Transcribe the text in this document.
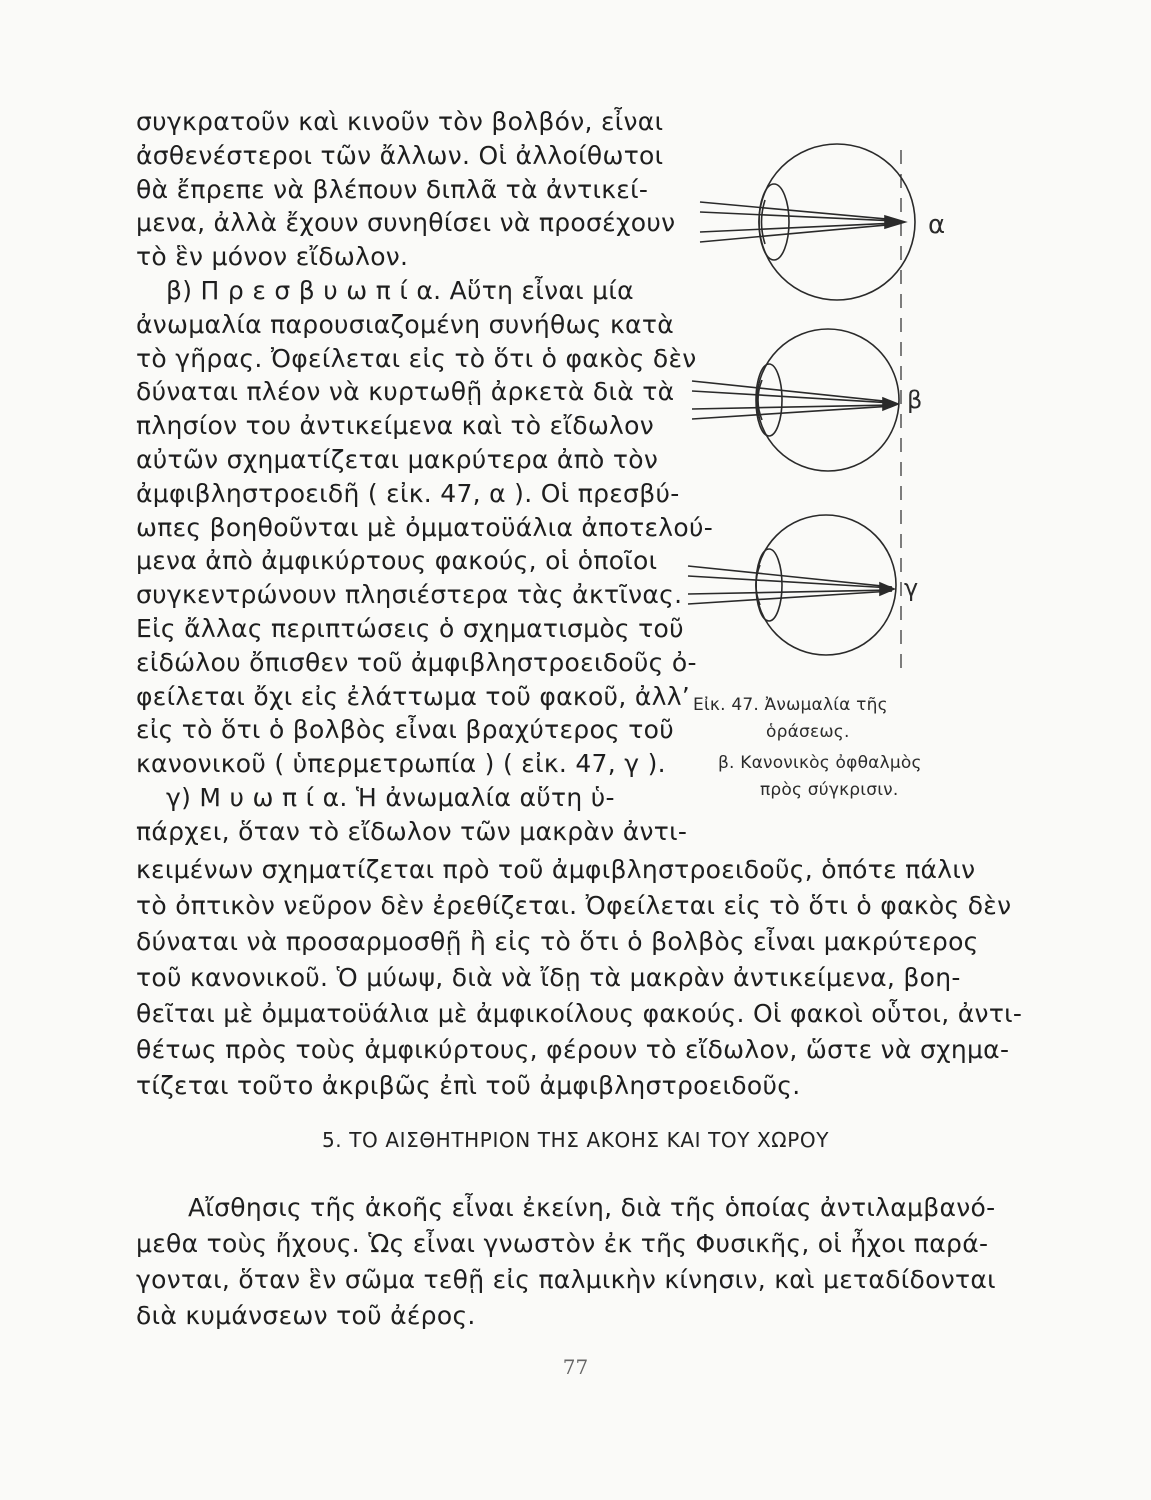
συγκρατοῦν καὶ κινοῦν τὸν βολβόν, εἶναι
ἀσθενέστεροι τῶν ἄλλων. Οἱ ἀλλοίθωτοι
θὰ ἔπρεπε νὰ βλέπουν διπλᾶ τὰ ἀντικεί-
μενα, ἀλλὰ ἔχουν συνηθίσει νὰ προσέχουν
τὸ ἓν μόνον εἴδωλον.
β) Π ρ ε σ β υ ω π ί α. Αὕτη εἶναι μία
ἀνωμαλία παρουσιαζομένη συνήθως κατὰ
τὸ γῆρας. Ὀφείλεται εἰς τὸ ὅτι ὁ φακὸς δὲν
δύναται πλέον νὰ κυρτωθῇ ἀρκετὰ διὰ τὰ
πλησίον του ἀντικείμενα καὶ τὸ εἴδωλον
αὐτῶν σχηματίζεται μακρύτερα ἀπὸ τὸν
ἀμφιβληστροειδῆ ( εἰκ. 47, α ). Οἱ πρεσβύ-
ωπες βοηθοῦνται μὲ ὀμματοϋάλια ἀποτελού-
μενα ἀπὸ ἀμφικύρτους φακούς, οἱ ὁποῖοι
συγκεντρώνουν πλησιέστερα τὰς ἀκτῖνας.
Εἰς ἄλλας περιπτώσεις ὁ σχηματισμὸς τοῦ
εἰδώλου ὄπισθεν τοῦ ἀμφιβληστροειδοῦς ὀ-
φείλεται ὄχι εἰς ἐλάττωμα τοῦ φακοῦ, ἀλλ’
εἰς τὸ ὅτι ὁ βολβὸς εἶναι βραχύτερος τοῦ
κανονικοῦ ( ὑπερμετρωπία ) ( εἰκ. 47, γ ).
γ) Μ υ ω π ί α. Ἡ ἀνωμαλία αὕτη ὑ-
πάρχει, ὅταν τὸ εἴδωλον τῶν μακρὰν ἀντι-
κειμένων σχηματίζεται πρὸ τοῦ ἀμφιβληστροειδοῦς, ὁπότε πάλιν
τὸ ὀπτικὸν νεῦρον δὲν ἐρεθίζεται. Ὀφείλεται εἰς τὸ ὅτι ὁ φακὸς δὲν
δύναται νὰ προσαρμοσθῇ ἢ εἰς τὸ ὅτι ὁ βολβὸς εἶναι μακρύτερος
τοῦ κανονικοῦ. Ὁ μύωψ, διὰ νὰ ἴδῃ τὰ μακρὰν ἀντικείμενα, βοη-
θεῖται μὲ ὀμματοϋάλια μὲ ἀμφικοίλους φακούς. Οἱ φακοὶ οὗτοι, ἀντι-
θέτως πρὸς τοὺς ἀμφικύρτους, φέρουν τὸ εἴδωλον, ὥστε νὰ σχημα-
α
β
γ
Εἰκ. 47. Ἀνωμαλία τῆς
ὁράσεως.
β. Κανονικὸς ὀφθαλμὸς
πρὸς σύγκρισιν.
5. ΤΟ ΑΙΣΘΗΤΗΡΙΟΝ ΤΗΣ ΑΚΟΗΣ ΚΑΙ ΤΟΥ ΧΩΡΟΥ
Αἴσθησις τῆς ἀκοῆς εἶναι ἐκείνη, διὰ τῆς ὁποίας ἀντιλαμβανό-
μεθα τοὺς ἤχους. Ὡς εἶναι γνωστὸν ἐκ τῆς Φυσικῆς, οἱ ἦχοι παρά-
γονται, ὅταν ἓν σῶμα τεθῇ εἰς παλμικὴν κίνησιν, καὶ μεταδίδονται
διὰ κυμάνσεων τοῦ ἀέρος.
77
τίζεται τοῦτο ἀκριβῶς ἐπὶ τοῦ ἀμφιβληστροειδοῦς.
